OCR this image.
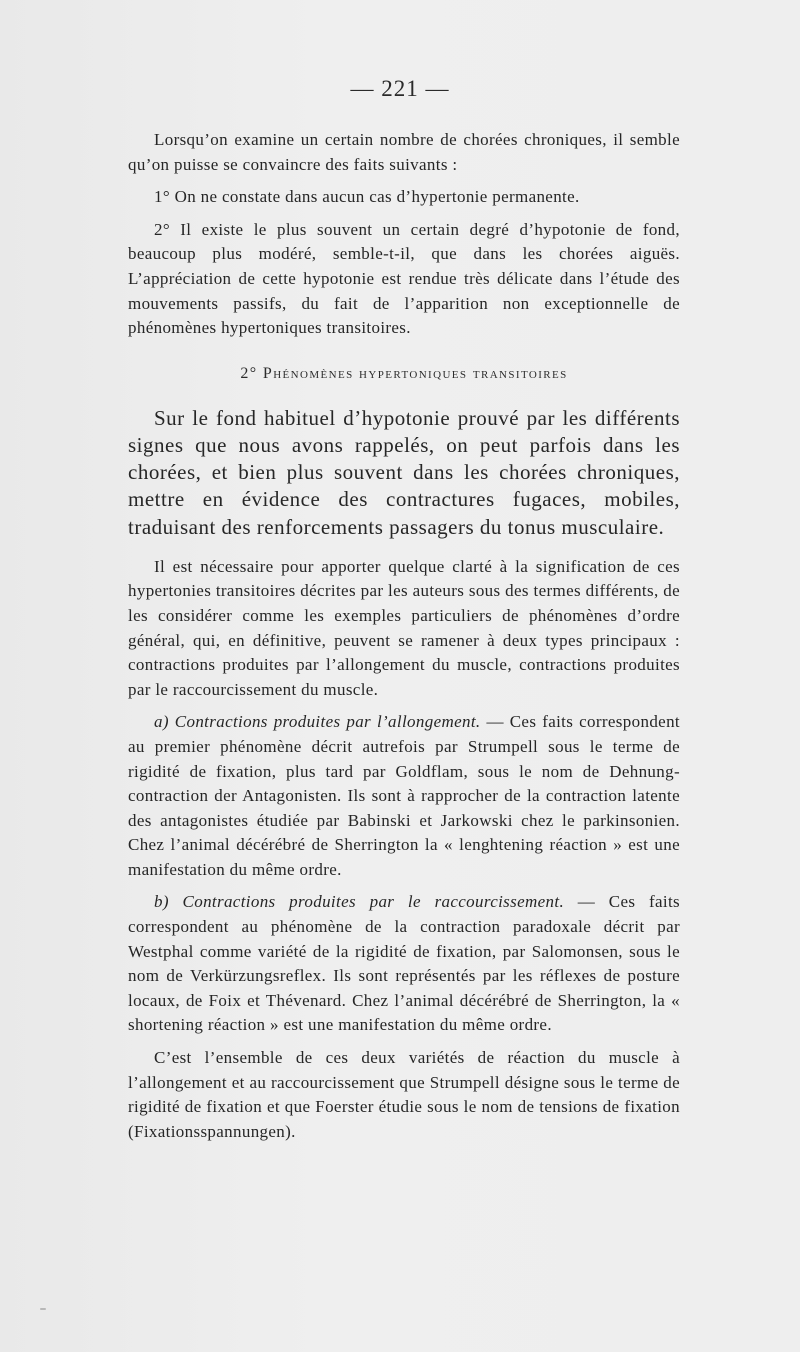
— 221 —

Lorsqu’on examine un certain nombre de chorées chroniques, il semble qu’on puisse se convaincre des faits suivants :

1° On ne constate dans aucun cas d’hypertonie permanente.

2° Il existe le plus souvent un certain degré d’hypotonie de fond, beaucoup plus modéré, semble-t-il, que dans les chorées aiguës. L’appréciation de cette hypotonie est rendue très délicate dans l’étude des mouvements passifs, du fait de l’apparition non exceptionnelle de phénomènes hypertoniques transitoires.

2° Phénomènes hypertoniques transitoires

Sur le fond habituel d’hypotonie prouvé par les différents signes que nous avons rappelés, on peut parfois dans les chorées, et bien plus souvent dans les chorées chroniques, mettre en évidence des contractures fugaces, mobiles, traduisant des renforcements passagers du tonus musculaire.

Il est nécessaire pour apporter quelque clarté à la signification de ces hypertonies transitoires décrites par les auteurs sous des termes différents, de les considérer comme les exemples particuliers de phénomènes d’ordre général, qui, en définitive, peuvent se ramener à deux types principaux : contractions produites par l’allongement du muscle, contractions produites par le raccourcissement du muscle.

a) Contractions produites par l’allongement. — Ces faits correspondent au premier phénomène décrit autrefois par Strumpell sous le terme de rigidité de fixation, plus tard par Goldflam, sous le nom de Dehnung-contraction der Antagonisten. Ils sont à rapprocher de la contraction latente des antagonistes étudiée par Babinski et Jarkowski chez le parkinsonien. Chez l’animal décérébré de Sherrington la « lenghtening réaction » est une manifestation du même ordre.

b) Contractions produites par le raccourcissement. — Ces faits correspondent au phénomène de la contraction paradoxale décrit par Westphal comme variété de la rigidité de fixation, par Salomonsen, sous le nom de Verkürzungsreflex. Ils sont représentés par les réflexes de posture locaux, de Foix et Thévenard. Chez l’animal décérébré de Sherrington, la « shortening réaction » est une manifestation du même ordre.

C’est l’ensemble de ces deux variétés de réaction du muscle à l’allongement et au raccourcissement que Strumpell désigne sous le terme de rigidité de fixation et que Foerster étudie sous le nom de tensions de fixation (Fixationsspannungen).
